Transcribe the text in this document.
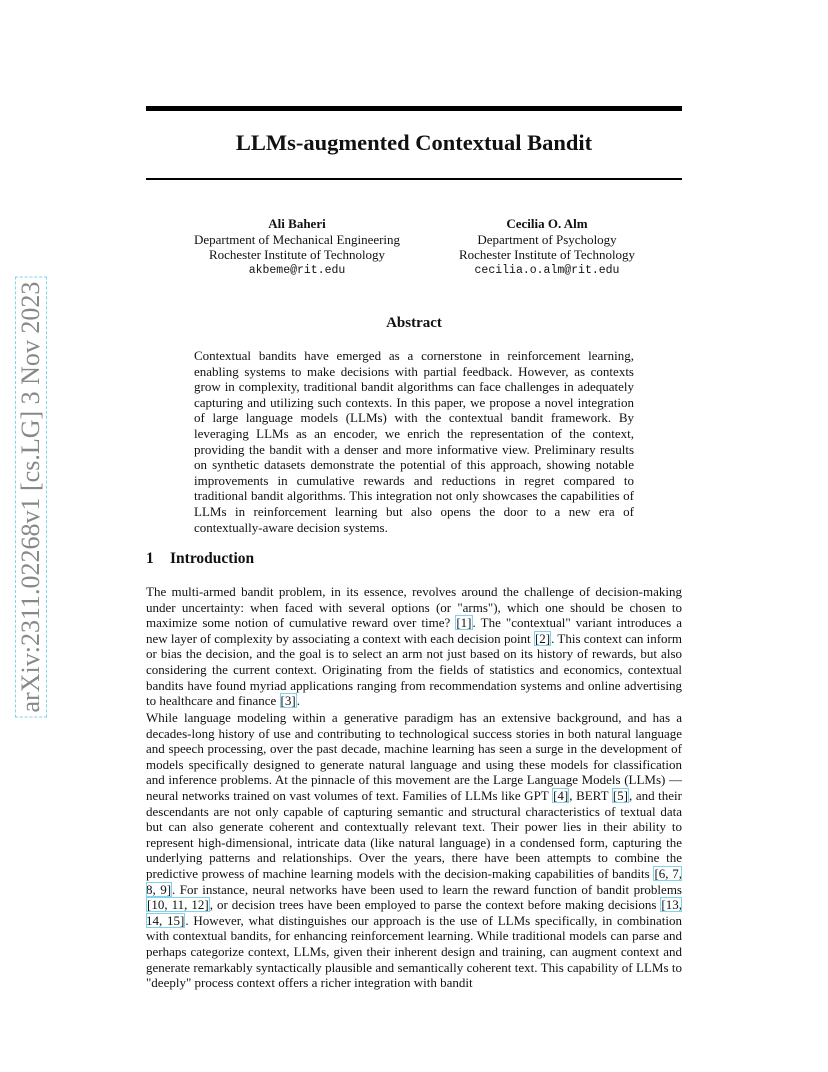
arXiv:2311.02268v1 [cs.LG] 3 Nov 2023
LLMs-augmented Contextual Bandit
Ali Baheri
Department of Mechanical Engineering
Rochester Institute of Technology
akbeme@rit.edu
Cecilia O. Alm
Department of Psychology
Rochester Institute of Technology
cecilia.o.alm@rit.edu
Abstract

Contextual bandits have emerged as a cornerstone in reinforcement learning, enabling systems to make decisions with partial feedback. However, as contexts grow in complexity, traditional bandit algorithms can face challenges in adequately capturing and utilizing such contexts. In this paper, we propose a novel integration of large language models (LLMs) with the contextual bandit framework. By leveraging LLMs as an encoder, we enrich the representation of the context, providing the bandit with a denser and more informative view. Preliminary results on synthetic datasets demonstrate the potential of this approach, showing notable improvements in cumulative rewards and reductions in regret compared to traditional bandit algorithms. This integration not only showcases the capabilities of LLMs in reinforcement learning but also opens the door to a new era of contextually-aware decision systems.

1 Introduction

The multi-armed bandit problem, in its essence, revolves around the challenge of decision-making under uncertainty: when faced with several options (or "arms"), which one should be chosen to maximize some notion of cumulative reward over time? [1]. The "contextual" variant introduces a new layer of complexity by associating a context with each decision point [2]. This context can inform or bias the decision, and the goal is to select an arm not just based on its history of rewards, but also considering the current context. Originating from the fields of statistics and economics, contextual bandits have found myriad applications ranging from recommendation systems and online advertising to healthcare and finance [3].

While language modeling within a generative paradigm has an extensive background, and has a decades-long history of use and contributing to technological success stories in both natural language and speech processing, over the past decade, machine learning has seen a surge in the development of models specifically designed to generate natural language and using these models for classification and inference problems. At the pinnacle of this movement are the Large Language Models (LLMs) — neural networks trained on vast volumes of text. Families of LLMs like GPT [4], BERT [5], and their descendants are not only capable of capturing semantic and structural characteristics of textual data but can also generate coherent and contextually relevant text. Their power lies in their ability to represent high-dimensional, intricate data (like natural language) in a condensed form, capturing the underlying patterns and relationships. Over the years, there have been attempts to combine the predictive prowess of machine learning models with the decision-making capabilities of bandits [6, 7, 8, 9]. For instance, neural networks have been used to learn the reward function of bandit problems [10, 11, 12], or decision trees have been employed to parse the context before making decisions [13, 14, 15]. However, what distinguishes our approach is the use of LLMs specifically, in combination with contextual bandits, for enhancing reinforcement learning. While traditional models can parse and perhaps categorize context, LLMs, given their inherent design and training, can augment context and generate remarkably syntactically plausible and semantically coherent text. This capability of LLMs to "deeply" process context offers a richer integration with bandit
